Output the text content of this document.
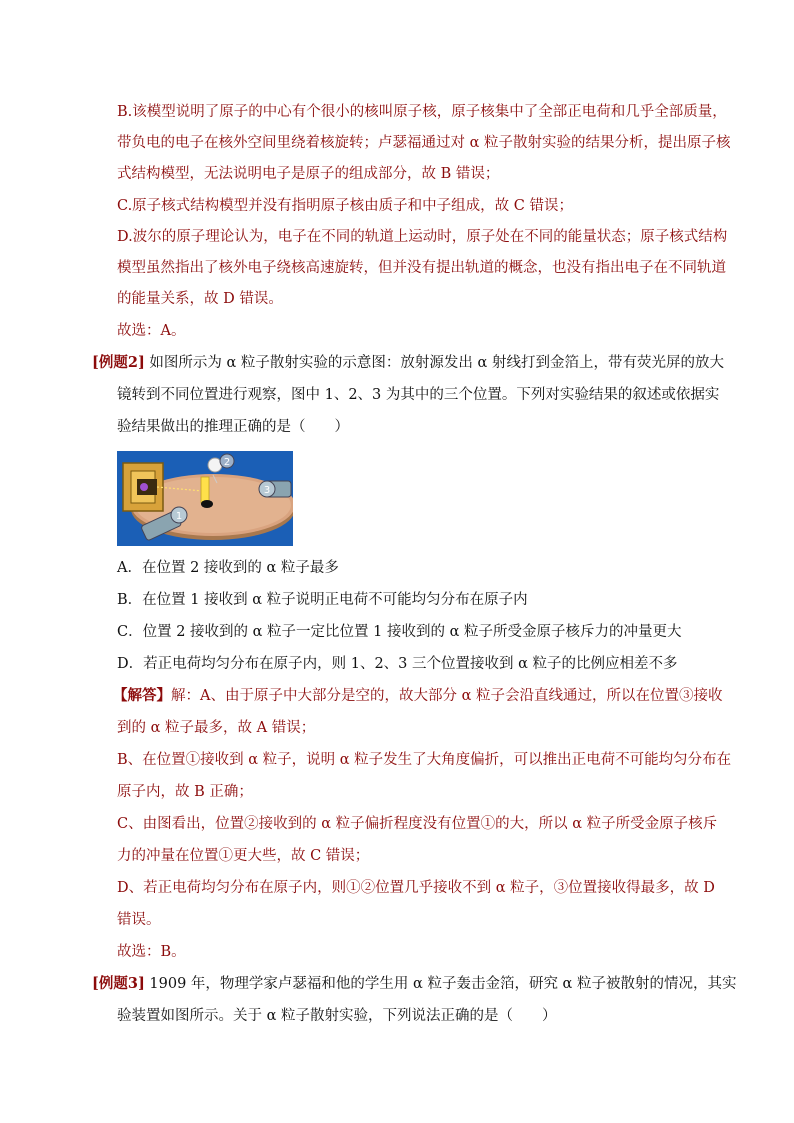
B.该模型说明了原子的中心有个很小的核叫原子核，原子核集中了全部正电荷和几乎全部质量，
带负电的电子在核外空间里绕着核旋转；卢瑟福通过对 α 粒子散射实验的结果分析，提出原子核
式结构模型，无法说明电子是原子的组成部分，故 B 错误；
C.原子核式结构模型并没有指明原子核由质子和中子组成，故 C 错误；
D.波尔的原子理论认为，电子在不同的轨道上运动时，原子处在不同的能量状态；原子核式结构
模型虽然指出了核外电子绕核高速旋转，但并没有提出轨道的概念，也没有指出电子在不同轨道
的能量关系，故 D 错误。
故选：A。
[例题2] 如图所示为 α 粒子散射实验的示意图：放射源发出 α 射线打到金箔上，带有荧光屏的放大
镜转到不同位置进行观察，图中 1、2、3 为其中的三个位置。下列对实验结果的叙述或依据实
验结果做出的推理正确的是（　　）
2
3
1
A．在位置 2 接收到的 α 粒子最多
B．在位置 1 接收到 α 粒子说明正电荷不可能均匀分布在原子内
C．位置 2 接收到的 α 粒子一定比位置 1 接收到的 α 粒子所受金原子核斥力的冲量更大
D．若正电荷均匀分布在原子内，则 1、2、3 三个位置接收到 α 粒子的比例应相差不多
【解答】解：A、由于原子中大部分是空的，故大部分 α 粒子会沿直线通过，所以在位置③接收
到的 α 粒子最多，故 A 错误；
B、在位置①接收到 α 粒子，说明 α 粒子发生了大角度偏折，可以推出正电荷不可能均匀分布在
原子内，故 B 正确；
C、由图看出，位置②接收到的 α 粒子偏折程度没有位置①的大，所以 α 粒子所受金原子核斥
力的冲量在位置①更大些，故 C 错误；
D、若正电荷均匀分布在原子内，则①②位置几乎接收不到 α 粒子，③位置接收得最多，故 D
错误。
故选：B。
[例题3] 1909 年，物理学家卢瑟福和他的学生用 α 粒子轰击金箔，研究 α 粒子被散射的情况，其实
验装置如图所示。关于 α 粒子散射实验，下列说法正确的是（　　）
